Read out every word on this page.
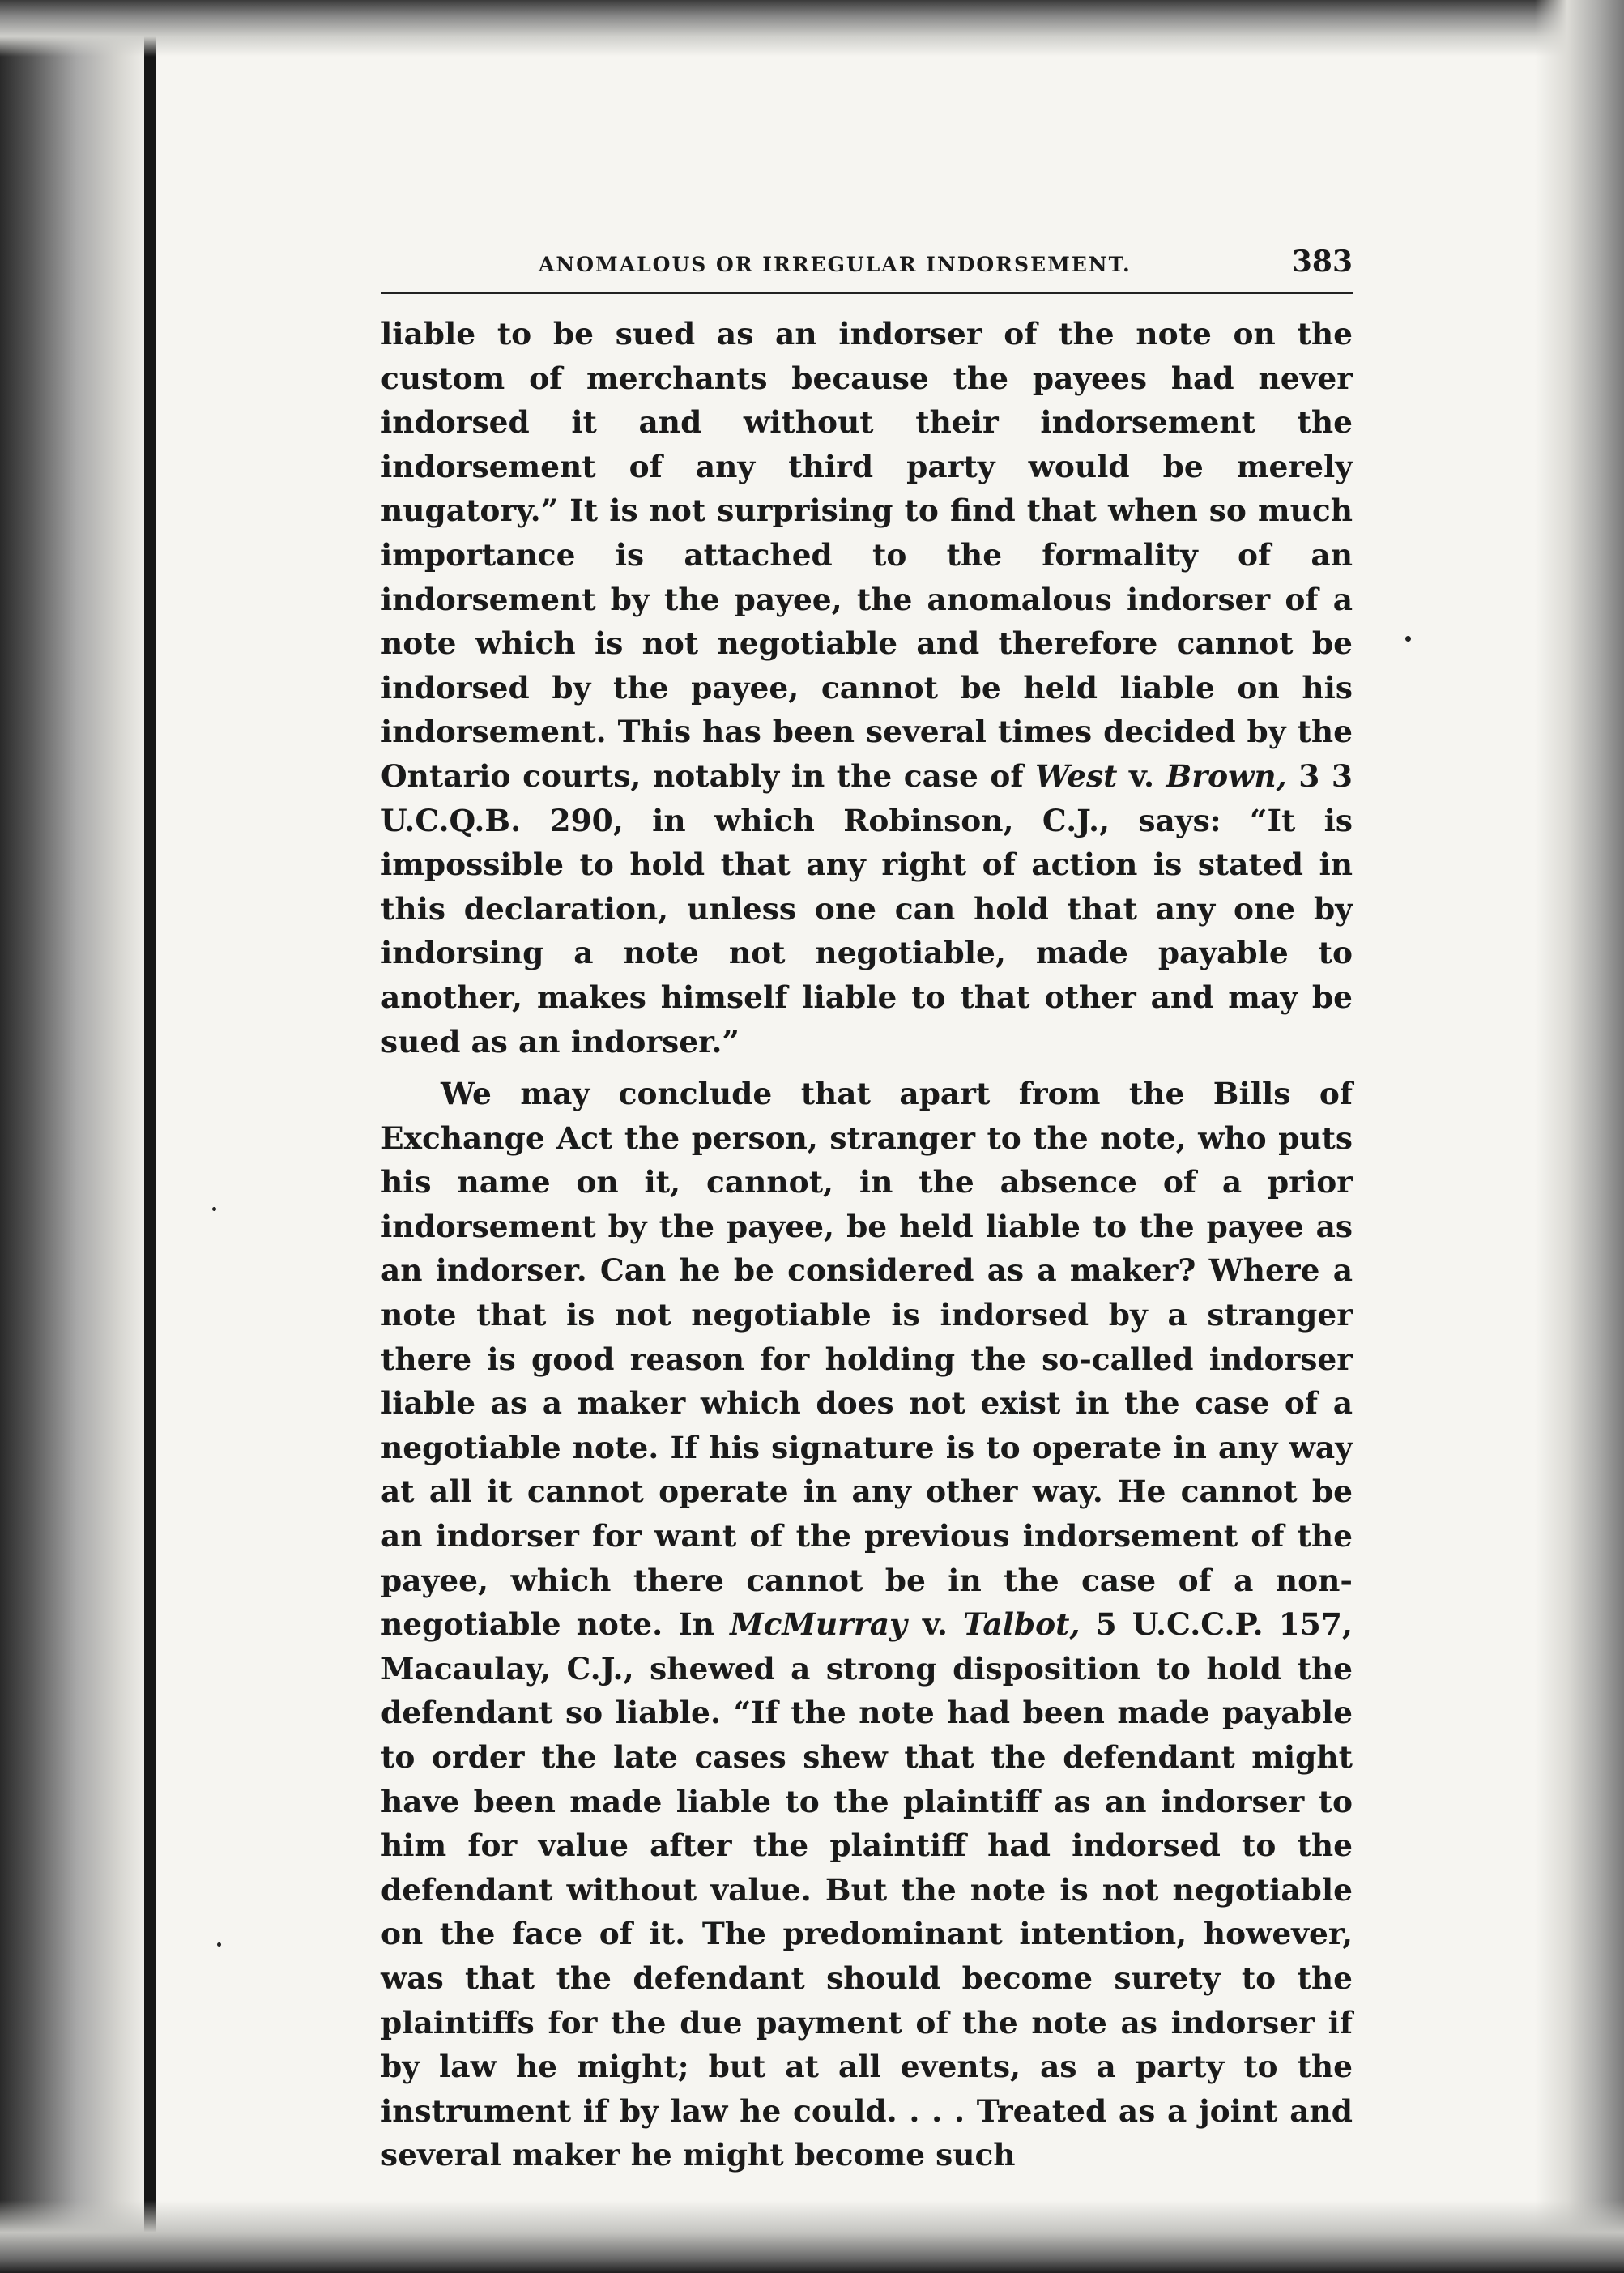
ANOMALOUS OR IRREGULAR INDORSEMENT.	383

liable to be sued as an indorser of the note on the custom of merchants because the payees had never indorsed it and without their indorsement the indorsement of any third party would be merely nugatory.” It is not surprising to find that when so much importance is attached to the formality of an indorsement by the payee, the anomalous indorser of a note which is not negotiable and therefore cannot be indorsed by the payee, cannot be held liable on his indorsement. This has been several times decided by the Ontario courts, notably in the case of West v. Brown, 3 3 U.C.Q.B. 290, in which Robinson, C.J., says: “It is impossible to hold that any right of action is stated in this declaration, unless one can hold that any one by indorsing a note not negotiable, made payable to another, makes himself liable to that other and may be sued as an indorser.”

We may conclude that apart from the Bills of Exchange Act the person, stranger to the note, who puts his name on it, cannot, in the absence of a prior indorsement by the payee, be held liable to the payee as an indorser. Can he be considered as a maker? Where a note that is not negotiable is indorsed by a stranger there is good reason for holding the so-called indorser liable as a maker which does not exist in the case of a negotiable note. If his signature is to operate in any way at all it cannot operate in any other way. He cannot be an indorser for want of the previous indorsement of the payee, which there cannot be in the case of a non-negotiable note. In McMurray v. Talbot, 5 U.C.C.P. 157, Macaulay, C.J., shewed a strong disposition to hold the defendant so liable. “If the note had been made payable to order the late cases shew that the defendant might have been made liable to the plaintiff as an indorser to him for value after the plaintiff had indorsed to the defendant without value. But the note is not negotiable on the face of it. The predominant intention, however, was that the defendant should become surety to the plaintiffs for the due payment of the note as indorser if by law he might; but at all events, as a party to the instrument if by law he could. . . . Treated as a joint and several maker he might become such
